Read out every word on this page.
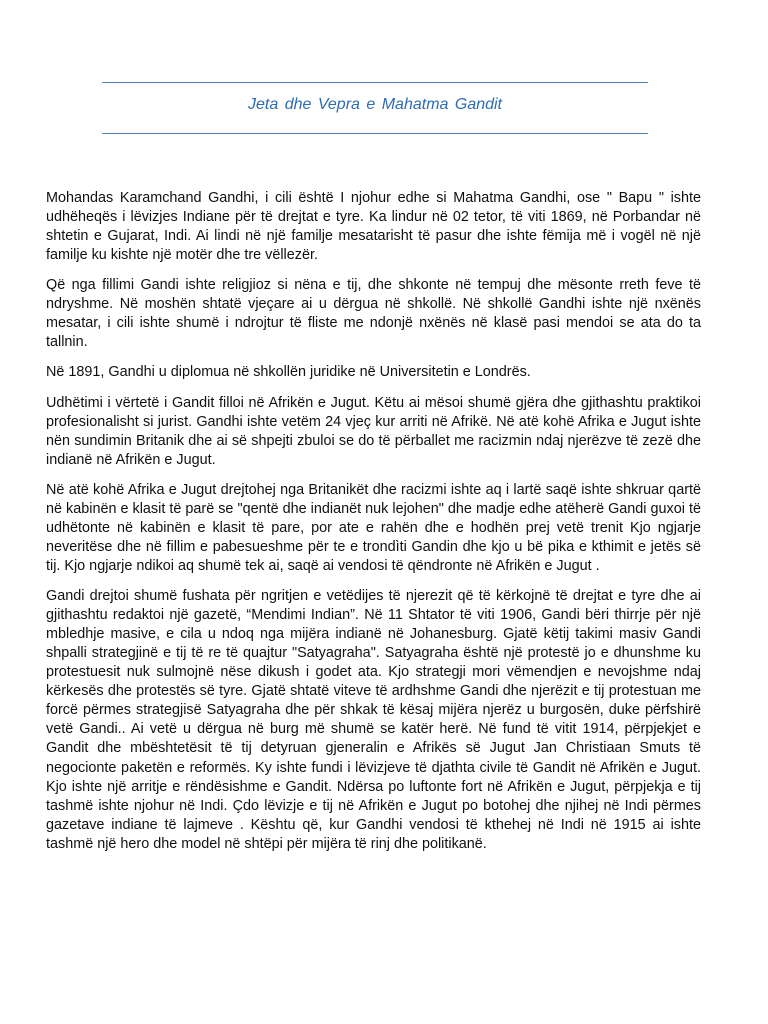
Jeta dhe Vepra e Mahatma Gandit

Mohandas Karamchand Gandhi, i cili është I njohur edhe si Mahatma Gandhi, ose " Bapu " ishte udhëheqës i lëvizjes Indiane për të drejtat e tyre. Ka lindur në 02 tetor, të viti 1869, në Porbandar në shtetin e Gujarat, Indi. Ai lindi në një familje mesatarisht të pasur dhe ishte fëmija më i vogël në një familje ku kishte një motër dhe tre vëllezër.

Që nga fillimi Gandi ishte religjioz si nëna e tij, dhe shkonte në tempuj dhe mësonte rreth feve të ndryshme. Në moshën shtatë vjeçare ai u dërgua në shkollë. Në shkollë Gandhi ishte një nxënës mesatar, i cili ishte shumë i ndrojtur të fliste me ndonjë nxënës në klasë pasi mendoi se ata do ta tallnin.

Në 1891, Gandhi u diplomua në shkollën juridike në Universitetin e Londrës.

Udhëtimi i vërtetë i Gandit filloi në Afrikën e Jugut. Këtu ai mësoi shumë gjëra dhe gjithashtu praktikoi profesionalisht si jurist. Gandhi ishte vetëm 24 vjeç kur arriti në Afrikë. Në atë kohë Afrika e Jugut ishte nën sundimin Britanik dhe ai së shpejti zbuloi se do të përballet me racizmin ndaj njerëzve të zezë dhe indianë në Afrikën e Jugut.

Në atë kohë Afrika e Jugut drejtohej nga Britanikët dhe racizmi ishte aq i lartë saqë ishte shkruar qartë në kabinën e klasit të parë se "qentë dhe indianët nuk lejohen" dhe madje edhe atëherë Gandi guxoi të udhëtonte në kabinën e klasit të pare, por ate e rahën dhe e hodhën prej vetë trenit Kjo ngjarje neveritëse dhe në fillim e pabesueshme për te e trondìti Gandin dhe kjo u bë pika e kthimit e jetës së tij. Kjo ngjarje ndikoi aq shumë tek ai, saqë ai vendosi të qëndronte në Afrikën e Jugut .

Gandi drejtoi shumë fushata për ngritjen e vetëdijes të njerezit që të kërkojnë të drejtat e tyre dhe ai gjithashtu redaktoi një gazetë, “Mendimi Indian”. Në 11 Shtator të viti 1906, Gandi bëri thirrje për një mbledhje masive, e cila u ndoq nga mijëra indianë në Johanesburg. Gjatë këtij takimi masiv Gandi shpalli strategjinë e tij të re të quajtur "Satyagraha". Satyagraha është një protestë jo e dhunshme ku protestuesit nuk sulmojnë nëse dikush i godet ata. Kjo strategji mori vëmendjen e nevojshme ndaj kërkesës dhe protestës së tyre. Gjatë shtatë viteve të ardhshme Gandi dhe njerëzit e tij protestuan me forcë përmes strategjisë Satyagraha dhe për shkak të kësaj mijëra njerëz u burgosën, duke përfshirë vetë Gandi.. Ai vetë u dërgua në burg më shumë se katër herë. Në fund të vitit 1914, përpjekjet e Gandit dhe mbështetësit të tij detyruan gjeneralin e Afrikës së Jugut Jan Christiaan Smuts të negocionte paketën e reformës. Ky ishte fundi i lëvizjeve të djathta civile të Gandit në Afrikën e Jugut. Kjo ishte një arritje e rëndësishme e Gandit. Ndërsa po luftonte fort në Afrikën e Jugut, përpjekja e tij tashmë ishte njohur në Indi. Çdo lëvizje e tij në Afrikën e Jugut po botohej dhe njihej në Indi përmes gazetave indiane të lajmeve . Kështu që, kur Gandhi vendosi të kthehej në Indi në 1915 ai ishte tashmë një hero dhe model në shtëpi për mijëra të rinj dhe politikanë.
